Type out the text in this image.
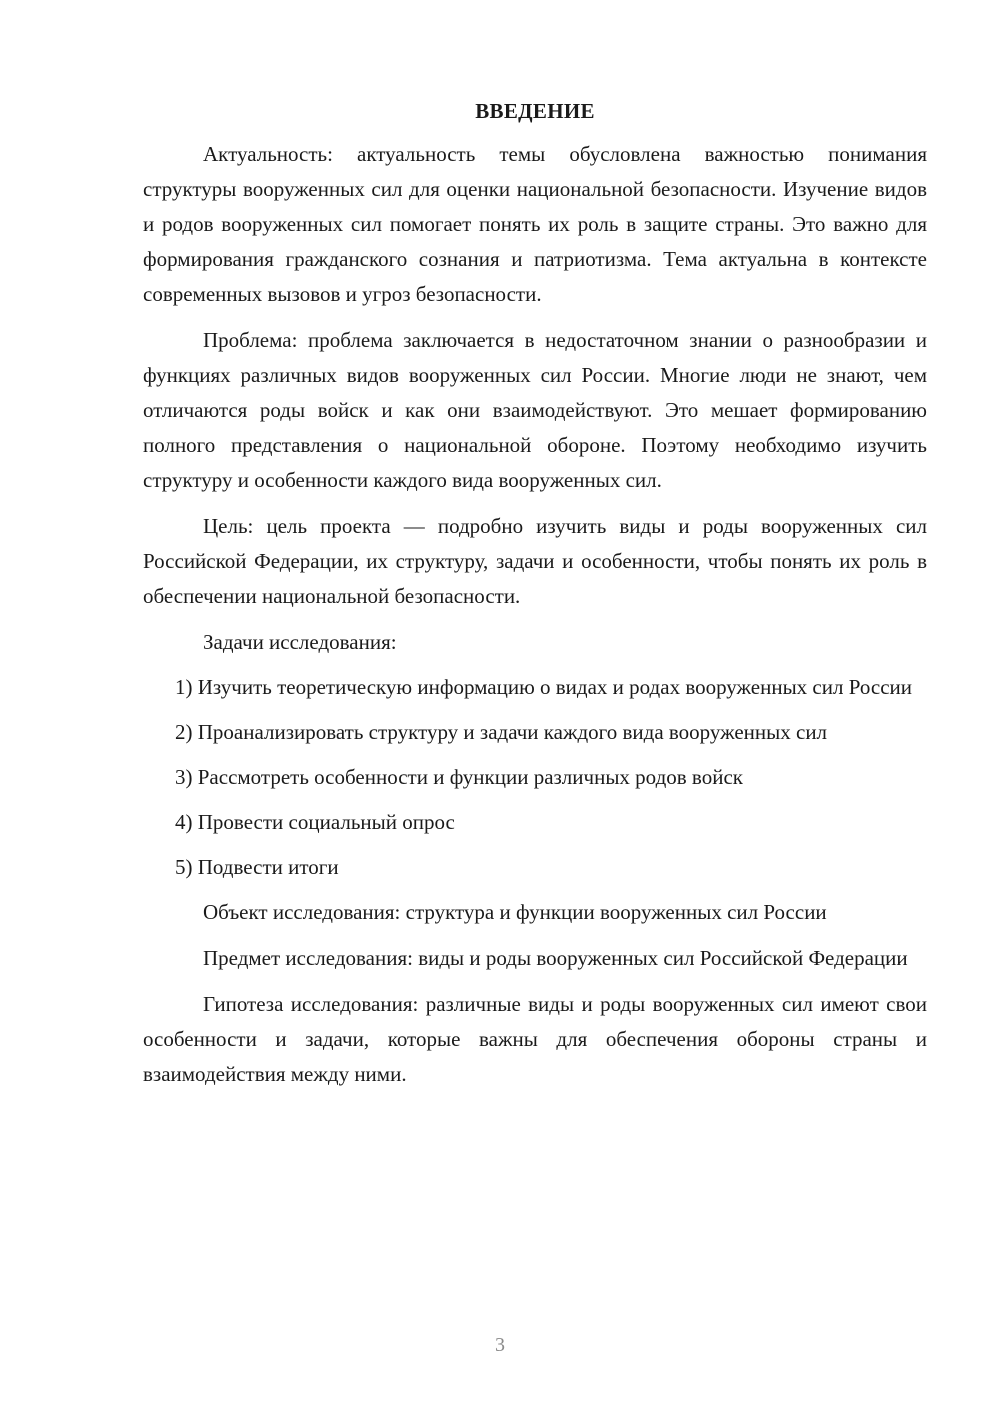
ВВЕДЕНИЕ

Актуальность: актуальность темы обусловлена важностью понимания структуры вооруженных сил для оценки национальной безопасности. Изучение видов и родов вооруженных сил помогает понять их роль в защите страны. Это важно для формирования гражданского сознания и патриотизма. Тема актуальна в контексте современных вызовов и угроз безопасности.

Проблема: проблема заключается в недостаточном знании о разнообразии и функциях различных видов вооруженных сил России. Многие люди не знают, чем отличаются роды войск и как они взаимодействуют. Это мешает формированию полного представления о национальной обороне. Поэтому необходимо изучить структуру и особенности каждого вида вооруженных сил.

Цель: цель проекта — подробно изучить виды и роды вооруженных сил Российской Федерации, их структуру, задачи и особенности, чтобы понять их роль в обеспечении национальной безопасности.

Задачи исследования:

1) Изучить теоретическую информацию о видах и родах вооруженных сил России

2) Проанализировать структуру и задачи каждого вида вооруженных сил

3) Рассмотреть особенности и функции различных родов войск

4) Провести социальный опрос

5) Подвести итоги

Объект исследования: структура и функции вооруженных сил России

Предмет исследования: виды и роды вооруженных сил Российской Федерации

Гипотеза исследования: различные виды и роды вооруженных сил имеют свои особенности и задачи, которые важны для обеспечения обороны страны и взаимодействия между ними.

3
